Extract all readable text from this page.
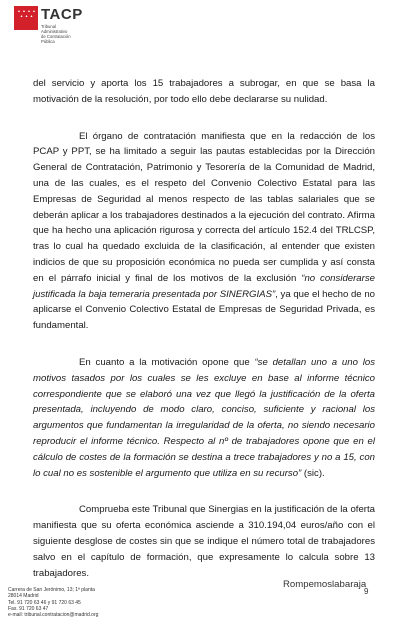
TACP
Tribunal
Administrativo
de Contratación
Pública

del servicio y aporta los 15 trabajadores a subrogar, en que se basa la motivación de la resolución, por todo ello debe declararse su nulidad.

El órgano de contratación manifiesta que en la redacción de los PCAP y PPT, se ha limitado a seguir las pautas establecidas por la Dirección General de Contratación, Patrimonio y Tesorería de la Comunidad de Madrid, una de las cuales, es el respeto del Convenio Colectivo Estatal para las Empresas de Seguridad al menos respecto de las tablas salariales que se deberán aplicar a los trabajadores destinados a la ejecución del contrato. Afirma que ha hecho una aplicación rigurosa y correcta del artículo 152.4 del TRLCSP, tras lo cual ha quedado excluida de la clasificación, al entender que existen indicios de que su proposición económica no pueda ser cumplida y así consta en el párrafo inicial y final de los motivos de la exclusión “no considerarse justificada la baja temeraria presentada por SINERGIAS”, ya que el hecho de no aplicarse el Convenio Colectivo Estatal de Empresas de Seguridad Privada, es fundamental.

En cuanto a la motivación opone que “se detallan uno a uno los motivos tasados por los cuales se les excluye en base al informe técnico correspondiente que se elaboró una vez que llegó la justificación de la oferta presentada, incluyendo de modo claro, conciso, suficiente y racional los argumentos que fundamentan la irregularidad de la oferta, no siendo necesario reproducir el informe técnico. Respecto al nº de trabajadores opone que en el cálculo de costes de la formación se destina a trece trabajadores y no a 15, con lo cual no es sostenible el argumento que utiliza en su recurso” (sic).

Comprueba este Tribunal que Sinergias en la justificación de la oferta manifiesta que su oferta económica asciende a 310.194,04 euros/año con el siguiente desglose de costes sin que se indique el número total de trabajadores salvo en el capítulo de formación, que expresamente lo calcula sobre 13 trabajadores.

Carrera de San Jerónimo, 13; 1ª planta
28014 Madrid
Tel. 91 720 63 46 y 91 720 63 45
Fax. 91 720 63 47
e-mail: tribunal.contratacion@madrid.org
Rompemoslabaraja
9
